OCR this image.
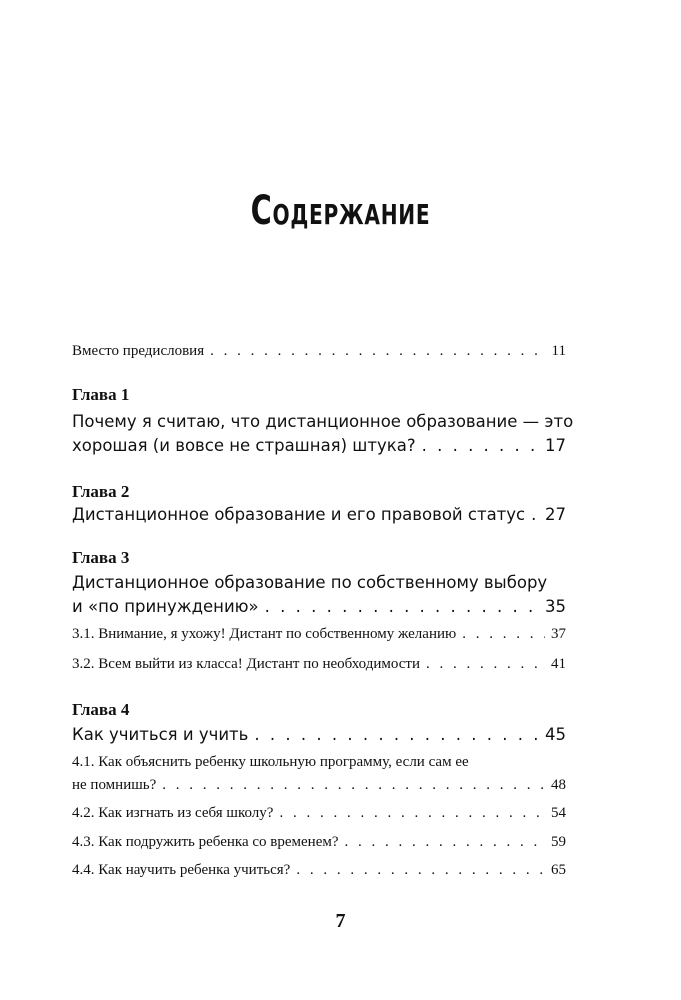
Содержание
Вместо предисловия . . .	11
Глава 1
Почему я считаю, что дистанционное образование — это
хорошая (и вовсе не страшная) штука? . . .	17
Глава 2
Дистанционное образование и его правовой статус . . . 27
Глава 3
Дистанционное образование по собственному выбору
и «по принуждению» . . .	35
3.1. Внимание, я ухожу! Дистант по собственному желанию . . .	37
3.2. Всем выйти из класса! Дистант по необходимости . . .	41
Глава 4
Как учиться и учить . . .	45
4.1. Как объяснить ребенку школьную программу, если сам ее
не помнишь? . . .	48
4.2. Как изгнать из себя школу? . . .	54
4.3. Как подружить ребенка со временем? . . .	59
4.4. Как научить ребенка учиться? . . .	65
7
